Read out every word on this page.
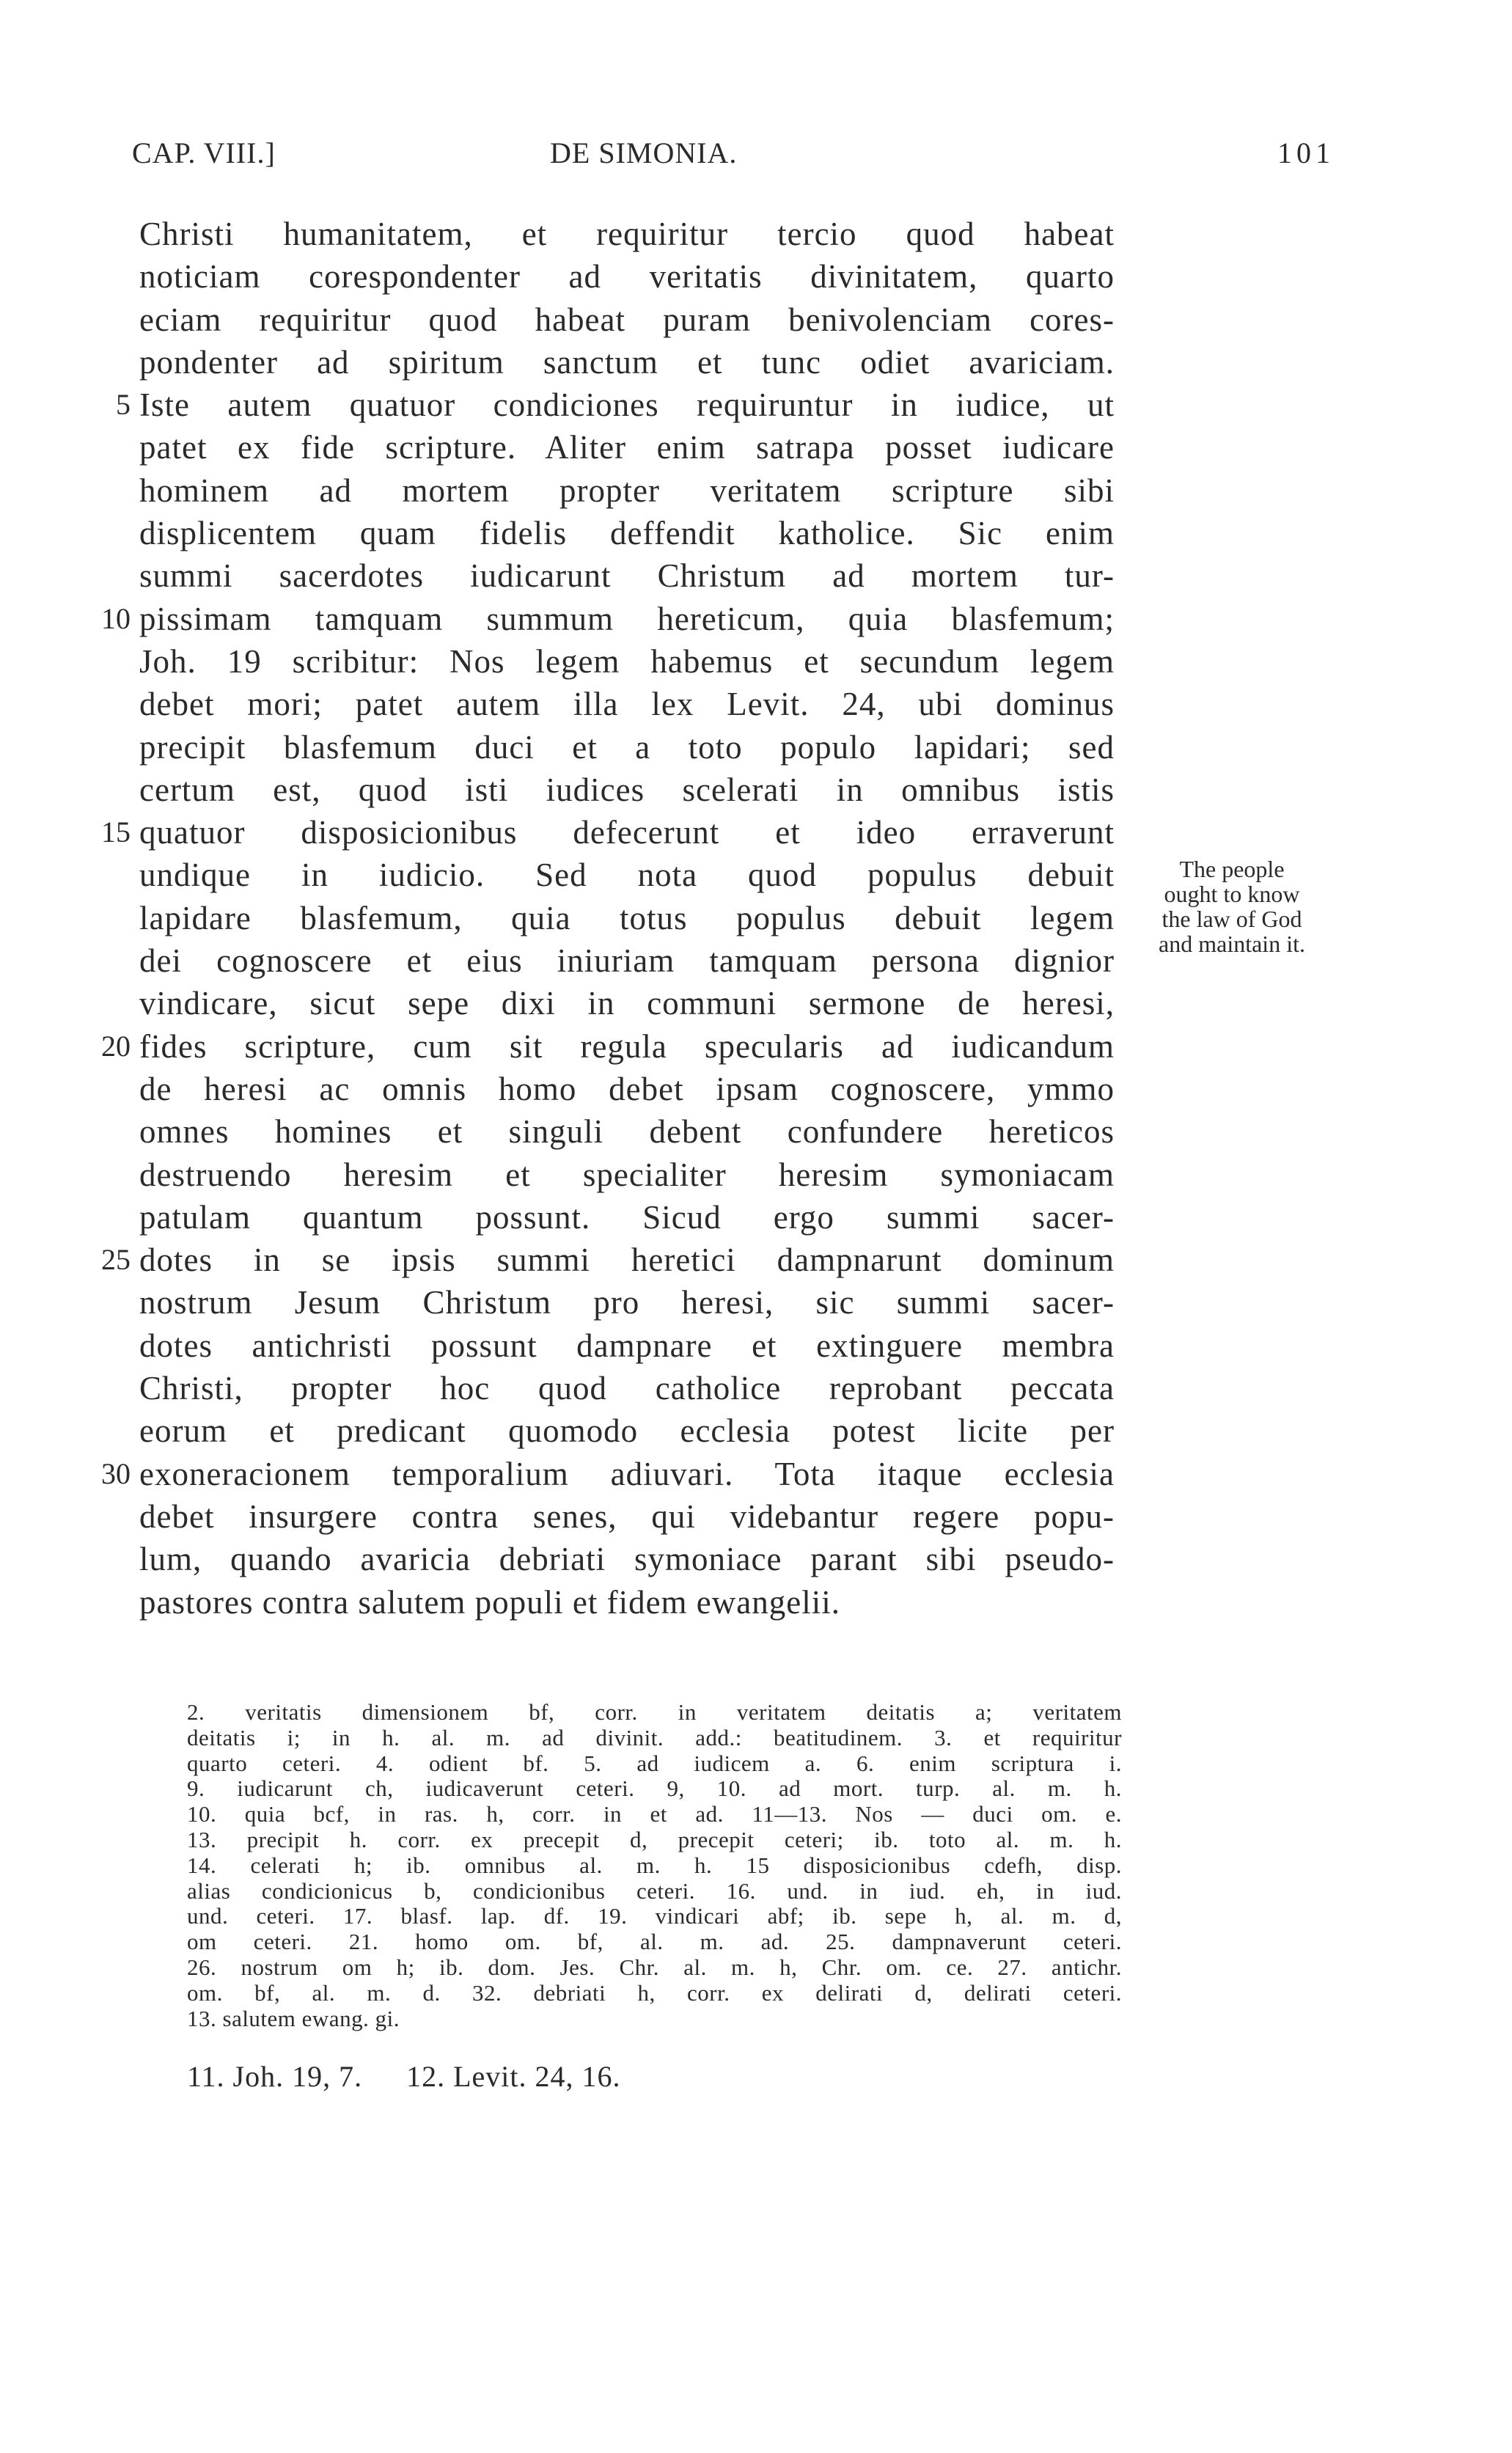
CAP. VIII.]	DE SIMONIA.	101
Christi humanitatem, et requiritur tercio quod habeat
noticiam corespondenter ad veritatis divinitatem, quarto
eciam requiritur quod habeat puram benivolenciam cores-
pondenter ad spiritum sanctum et tunc odiet avariciam.
5 Iste autem quatuor condiciones requiruntur in iudice, ut
patet ex fide scripture. Aliter enim satrapa posset iudicare
hominem ad mortem propter veritatem scripture sibi
displicentem quam fidelis deffendit katholice. Sic enim
summi sacerdotes iudicarunt Christum ad mortem tur-
10 pissimam tamquam summum hereticum, quia blasfemum;
Joh. 19 scribitur: Nos legem habemus et secundum legem
debet mori; patet autem illa lex Levit. 24, ubi dominus
precipit blasfemum duci et a toto populo lapidari; sed
certum est, quod isti iudices scelerati in omnibus istis
15 quatuor disposicionibus defecerunt et ideo erraverunt
undique in iudicio. Sed nota quod populus debuit
lapidare blasfemum, quia totus populus debuit legem
dei cognoscere et eius iniuriam tamquam persona dignior
vindicare, sicut sepe dixi in communi sermone de heresi,
20 fides scripture, cum sit regula specularis ad iudicandum
de heresi ac omnis homo debet ipsam cognoscere, ymmo
omnes homines et singuli debent confundere hereticos
destruendo heresim et specialiter heresim symoniacam
patulam quantum possunt. Sicud ergo summi sacer-
25 dotes in se ipsis summi heretici dampnarunt dominum
nostrum Jesum Christum pro heresi, sic summi sacer-
dotes antichristi possunt dampnare et extinguere membra
Christi, propter hoc quod catholice reprobant peccata
eorum et predicant quomodo ecclesia potest licite per
30 exoneracionem temporalium adiuvari. Tota itaque ecclesia
debet insurgere contra senes, qui videbantur regere popu-
lum, quando avaricia debriati symoniace parant sibi pseudo-
pastores contra salutem populi et fidem ewangelii.
The people
ought to know
the law of God
and maintain it.
2. veritatis dimensionem bf, corr. in veritatem deitatis a; veritatem
deitatis i; in h. al. m. ad divinit. add.: beatitudinem. 3. et requiritur
quarto ceteri. 4. odient bf. 5. ad iudicem a. 6. enim scriptura i.
9. iudicarunt ch, iudicaverunt ceteri. 9, 10. ad mort. turp. al. m. h.
10. quia bcf, in ras. h, corr. in et ad. 11—13. Nos — duci om. e.
13. precipit h. corr. ex precepit d, precepit ceteri; ib. toto al. m. h.
14. celerati h; ib. omnibus al. m. h. 15 disposicionibus cdefh, disp.
alias condicionicus b, condicionibus ceteri. 16. und. in iud. eh, in iud.
und. ceteri. 17. blasf. lap. df. 19. vindicari abf; ib. sepe h, al. m. d,
om ceteri. 21. homo om. bf, al. m. ad. 25. dampnaverunt ceteri.
26. nostrum om h; ib. dom. Jes. Chr. al. m. h, Chr. om. ce. 27. antichr.
om. bf, al. m. d. 32. debriati h, corr. ex delirati d, delirati ceteri.
13. salutem ewang. gi.
11. Joh. 19, 7. 12. Levit. 24, 16.
